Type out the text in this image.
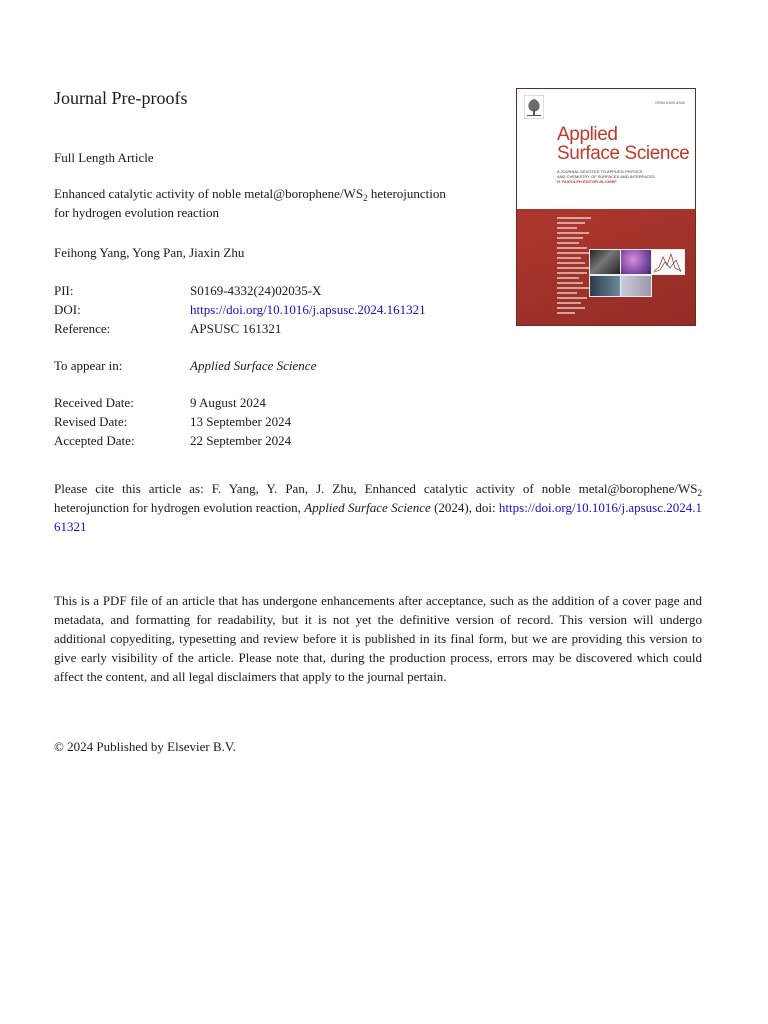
Journal Pre-proofs
Full Length Article
Enhanced catalytic activity of noble $metal@borophene/WS_2$ heterojunction
for hydrogen evolution reaction
Feihong Yang, Yong Pan, Jiaxin Zhu
PII:	S0169-4332(24)02035-X
DOI:	https://doi.org/10.1016/j.apsusc.2024.161321
Reference:	APSUSC 161321
To appear in:	Applied Surface Science
Received Date:	9 August 2024
Revised Date:	13 September 2024
Accepted Date:	22 September 2024
Please cite this article as: F. Yang, Y. Pan, J. Zhu, Enhanced catalytic activity of noble $metal@borophene/WS_2$ heterojunction for hydrogen evolution reaction, Applied Surface Science (2024), doi: https://doi.org/10.1016/j.apsusc.2024.161321
This is a PDF file of an article that has undergone enhancements after acceptance, such as the addition of a cover page and metadata, and formatting for readability, but it is not yet the definitive version of record. This version will undergo additional copyediting, typesetting and review before it is published in its final form, but we are providing this version to give early visibility of the article. Please note that, during the production process, errors may be discovered which could affect the content, and all legal disclaimers that apply to the journal pertain.
© 2024 Published by Elsevier B.V.
ISSN 0169-4332
Applied
Surface Science
A JOURNAL DEVOTED TO APPLIED PHYSICS
AND CHEMISTRY OF SURFACES AND INTERFACES
H. RUDOLPH EDITOR-IN-CHIEF
